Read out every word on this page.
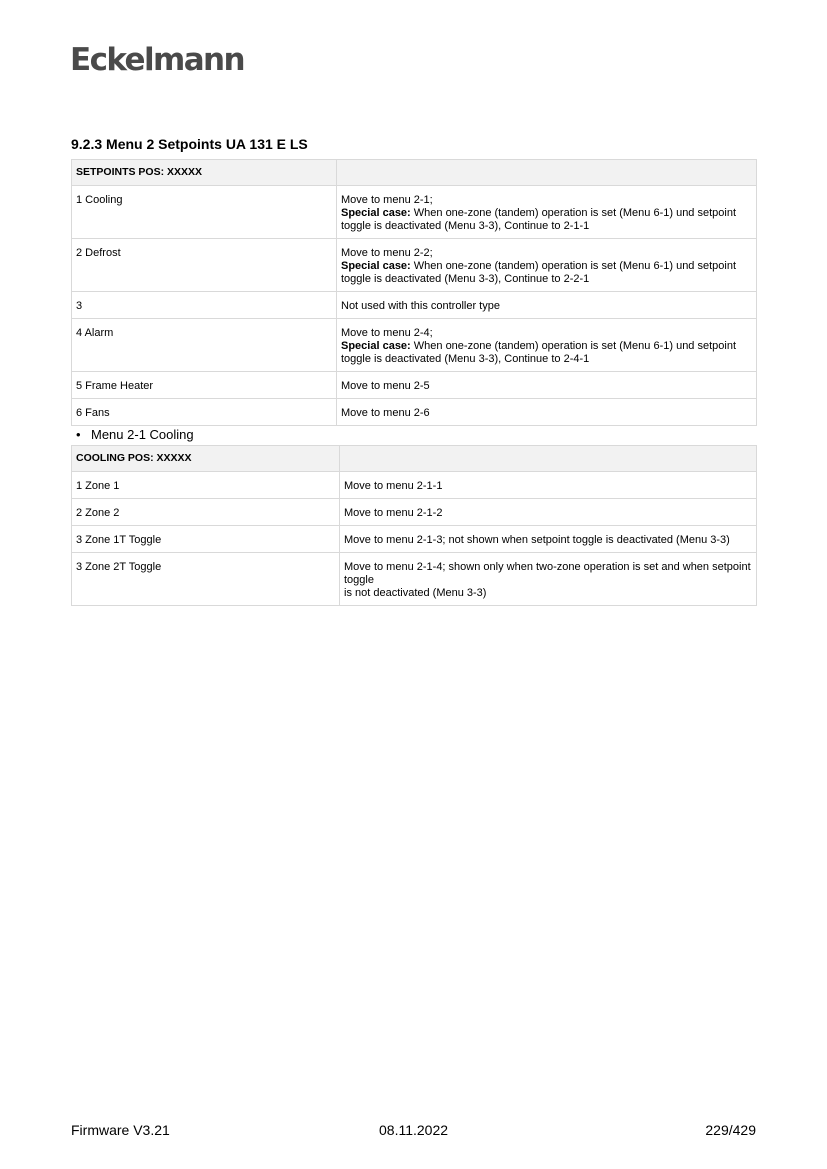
Eckelmann
9.2.3 Menu 2 Setpoints UA 131 E LS
SETPOINTS POS: XXXXX	
1 Cooling	Move to menu 2-1;
Special case: When one-zone (tandem) operation is set (Menu 6-1) und setpoint toggle is deactivated (Menu 3-3), Continue to 2-1-1
2 Defrost	Move to menu 2-2;
Special case: When one-zone (tandem) operation is set (Menu 6-1) und setpoint toggle is deactivated (Menu 3-3), Continue to 2-2-1
3	Not used with this controller type
4 Alarm	Move to menu 2-4;
Special case: When one-zone (tandem) operation is set (Menu 6-1) und setpoint toggle is deactivated (Menu 3-3), Continue to 2-4-1
5 Frame Heater	Move to menu 2-5
6 Fans	Move to menu 2-6
• Menu 2-1 Cooling
COOLING POS: XXXXX	
1 Zone 1	Move to menu 2-1-1
2 Zone 2	Move to menu 2-1-2
3 Zone 1T Toggle	Move to menu 2-1-3; not shown when setpoint toggle is deactivated (Menu 3-3)
3 Zone 2T Toggle	Move to menu 2-1-4; shown only when two-zone operation is set and when setpoint toggle
is not deactivated (Menu 3-3)
Firmware V3.21	08.11.2022	229/429
